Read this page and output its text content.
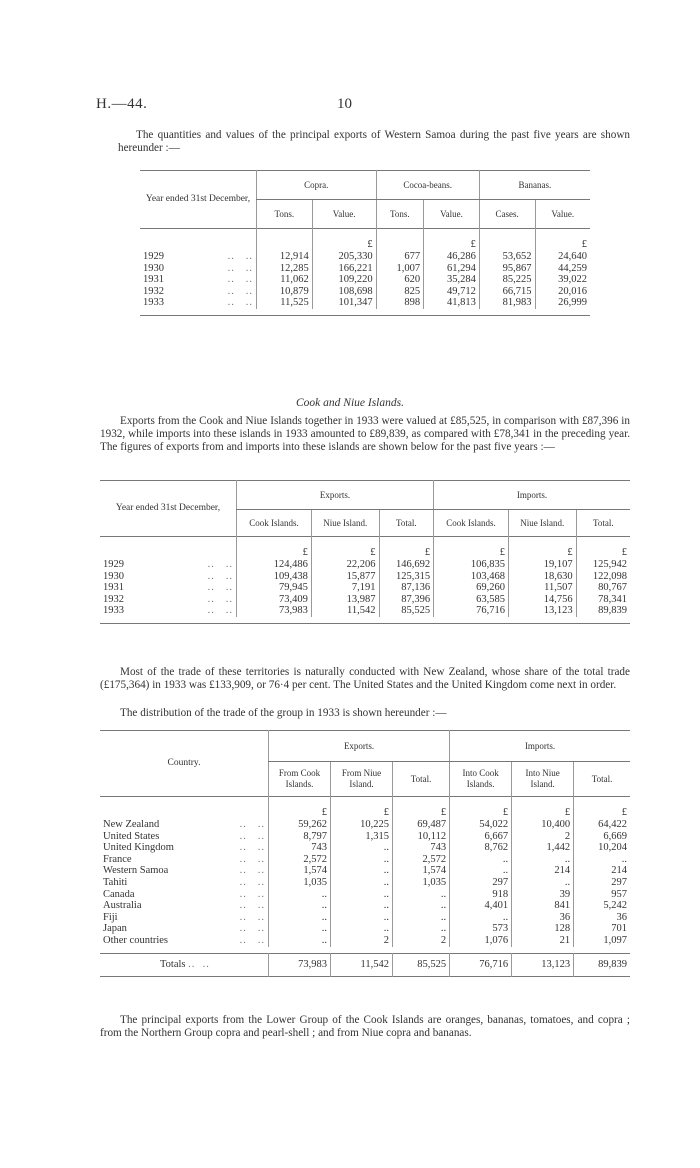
H.—44.	10
The quantities and values of the principal exports of Western Samoa during the past five years are shown hereunder :—
Year ended 31st December,	Copra.		Cocoa-beans.		Bananas.	
	Tons.	Value.	Tons.	Value.	Cases.	Value.
		£		£		£
1929 ..   ..	12,914	205,330	677	46,286	53,652	24,640
1930 ..   ..	12,285	166,221	1,007	61,294	95,867	44,259
1931 ..   ..	11,062	109,220	620	35,284	85,225	39,022
1932 ..   ..	10,879	108,698	825	49,712	66,715	20,016
1933 ..   ..	11,525	101,347	898	41,813	81,983	26,999

Cook and Niue Islands.
Exports from the Cook and Niue Islands together in 1933 were valued at £85,525, in comparison with £87,396 in 1932, while imports into these islands in 1933 amounted to £89,839, as compared with £78,341 in the preceding year. The figures of exports from and imports into these islands are shown below for the past five years :—
Year ended 31st December,	Exports.			Imports.		
	Cook Islands.	Niue Island.	Total.	Cook Islands.	Niue Island.	Total.
	£	£	£	£	£	£
1929 ..   ..	124,486	22,206	146,692	106,835	19,107	125,942
1930 ..   ..	109,438	15,877	125,315	103,468	18,630	122,098
1931 ..   ..	79,945	7,191	87,136	69,260	11,507	80,767
1932 ..   ..	73,409	13,987	87,396	63,585	14,756	78,341
1933 ..   ..	73,983	11,542	85,525	76,716	13,123	89,839

Most of the trade of these territories is naturally conducted with New Zealand, whose share of the total trade (£175,364) in 1933 was £133,909, or 76·4 per cent. The United States and the United Kingdom come next in order.
The distribution of the trade of the group in 1933 is shown hereunder :—
Country.	Exports.			Imports.		
	From Cook Islands.	From Niue Island.	Total.	Into Cook Islands.	Into Niue Island.	Total.
	£	£	£	£	£	£
New Zealand ..   ..	59,262	10,225	69,487	54,022	10,400	64,422
United States ..   ..	8,797	1,315	10,112	6,667	2	6,669
United Kingdom ..   ..	743	..	743	8,762	1,442	10,204
France ..   ..	2,572	..	2,572	..	..	..
Western Samoa ..   ..	1,574	..	1,574	..	214	214
Tahiti ..   ..	1,035	..	1,035	297	..	297
Canada ..   ..	..	..	..	918	39	957
Australia ..   ..	..	..	..	4,401	841	5,242
Fiji ..   ..	..	..	..	..	36	36
Japan ..   ..	..	..	..	573	128	701
Other countries ..   ..	..	2	2	1,076	21	1,097

Totals ..  ..	73,983	11,542	85,525	76,716	13,123	89,839
The principal exports from the Lower Group of the Cook Islands are oranges, bananas, tomatoes, and copra ; from the Northern Group copra and pearl-shell ; and from Niue copra and bananas.
